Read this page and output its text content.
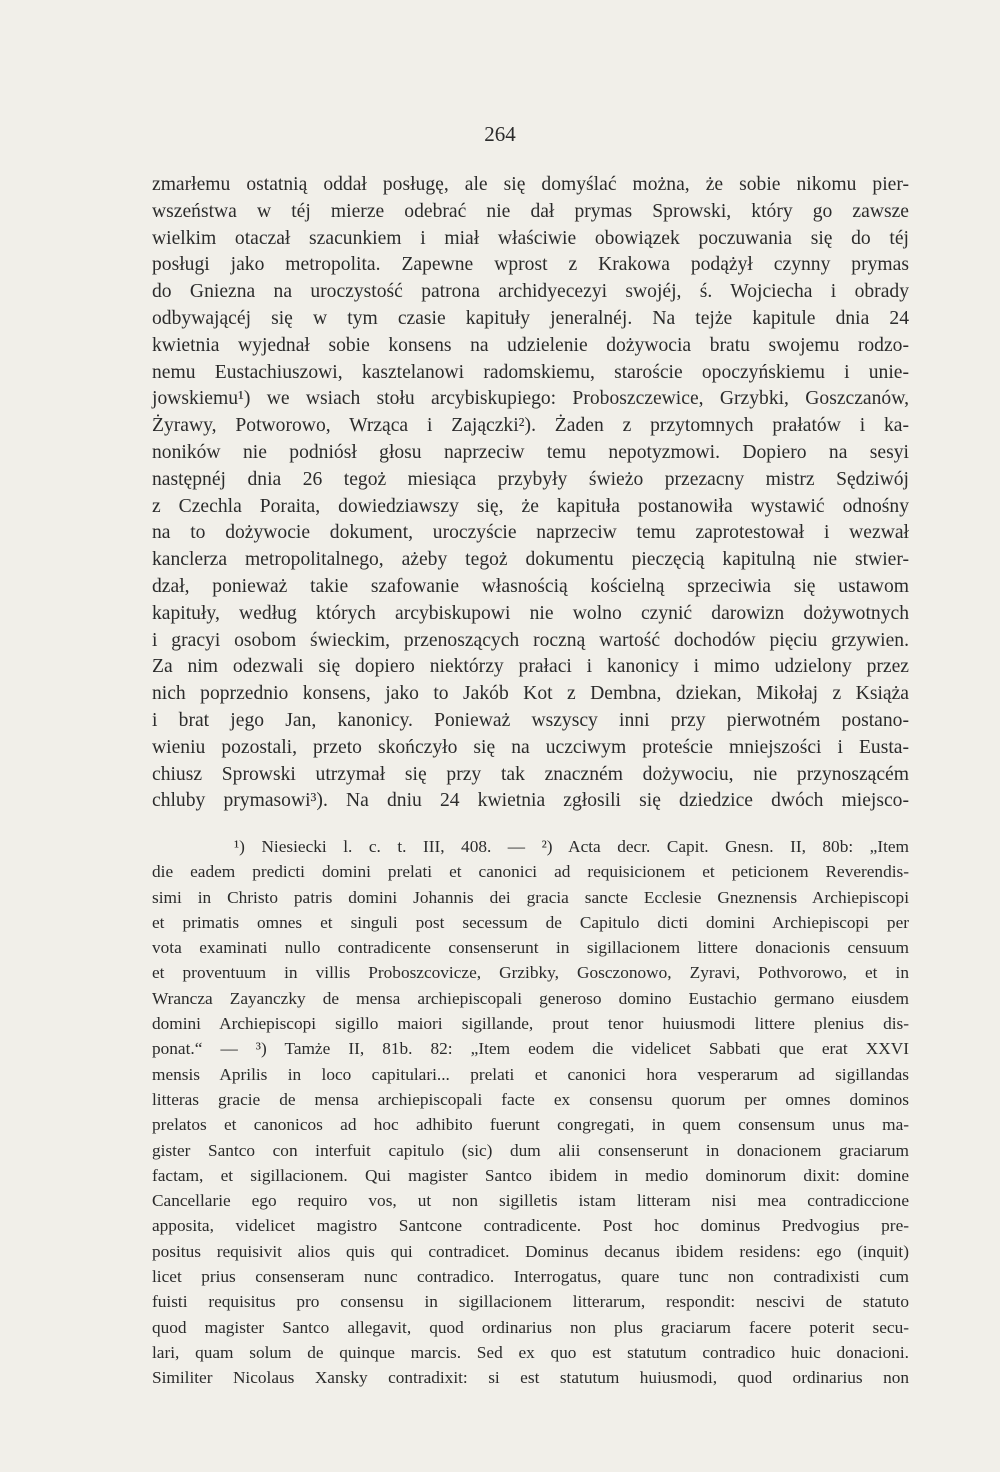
264
zmarłemu ostatnią oddał posługę, ale się domyślać można, że sobie nikomu pier-
wszeństwa w téj mierze odebrać nie dał prymas Sprowski, który go zawsze
wielkim otaczał szacunkiem i miał właściwie obowiązek poczuwania się do téj
posługi jako metropolita. Zapewne wprost z Krakowa podążył czynny prymas
do Gniezna na uroczystość patrona archidyecezyi swojéj, ś. Wojciecha i obrady
odbywającéj się w tym czasie kapituły jeneralnéj. Na tejże kapitule dnia 24
kwietnia wyjednał sobie konsens na udzielenie dożywocia bratu swojemu rodzo-
nemu Eustachiuszowi, kasztelanowi radomskiemu, staroście opoczyńskiemu i unie-
jowskiemu¹) we wsiach stołu arcybiskupiego: Proboszczewice, Grzybki, Goszczanów,
Żyrawy, Potworowo, Wrząca i Zajączki²). Żaden z przytomnych prałatów i ka-
noników nie podniósł głosu naprzeciw temu nepotyzmowi. Dopiero na sesyi
następnéj dnia 26 tegoż miesiąca przybyły świeżo przezacny mistrz Sędziwój
z Czechla Poraita, dowiedziawszy się, że kapituła postanowiła wystawić odnośny
na to dożywocie dokument, uroczyście naprzeciw temu zaprotestował i wezwał
kanclerza metropolitalnego, ażeby tegoż dokumentu pieczęcią kapitulną nie stwier-
dzał, ponieważ takie szafowanie własnością kościelną sprzeciwia się ustawom
kapituły, według których arcybiskupowi nie wolno czynić darowizn dożywotnych
i gracyi osobom świeckim, przenoszących roczną wartość dochodów pięciu grzywien.
Za nim odezwali się dopiero niektórzy prałaci i kanonicy i mimo udzielony przez
nich poprzednio konsens, jako to Jakób Kot z Dembna, dziekan, Mikołaj z Książa
i brat jego Jan, kanonicy. Ponieważ wszyscy inni przy pierwotném postano-
wieniu pozostali, przeto skończyło się na uczciwym proteście mniejszości i Eusta-
chiusz Sprowski utrzymał się przy tak znaczném dożywociu, nie przynoszącém
chluby prymasowi³). Na dniu 24 kwietnia zgłosili się dziedzice dwóch miejsco-
¹) Niesiecki l. c. t. III, 408. — ²) Acta decr. Capit. Gnesn. II, 80b: „Item
die eadem predicti domini prelati et canonici ad requisicionem et peticionem Reverendis-
simi in Christo patris domini Johannis dei gracia sancte Ecclesie Gneznensis Archiepiscopi
et primatis omnes et singuli post secessum de Capitulo dicti domini Archiepiscopi per
vota examinati nullo contradicente consenserunt in sigillacionem littere donacionis censuum
et proventuum in villis Proboszcovicze, Grzibky, Gosczonowo, Zyravi, Pothvorowo, et in
Wrancza Zayanczky de mensa archiepiscopali generoso domino Eustachio germano eiusdem
domini Archiepiscopi sigillo maiori sigillande, prout tenor huiusmodi littere plenius dis-
ponat.“ — ³) Tamże II, 81b. 82: „Item eodem die videlicet Sabbati que erat XXVI
mensis Aprilis in loco capitulari... prelati et canonici hora vesperarum ad sigillandas
litteras gracie de mensa archiepiscopali facte ex consensu quorum per omnes dominos
prelatos et canonicos ad hoc adhibito fuerunt congregati, in quem consensum unus ma-
gister Santco con interfuit capitulo (sic) dum alii consenserunt in donacionem graciarum
factam, et sigillacionem. Qui magister Santco ibidem in medio dominorum dixit: domine
Cancellarie ego requiro vos, ut non sigilletis istam litteram nisi mea contradiccione
apposita, videlicet magistro Santcone contradicente. Post hoc dominus Predvogius pre-
positus requisivit alios quis qui contradicet. Dominus decanus ibidem residens: ego (inquit)
licet prius consenseram nunc contradico. Interrogatus, quare tunc non contradixisti cum
fuisti requisitus pro consensu in sigillacionem litterarum, respondit: nescivi de statuto
quod magister Santco allegavit, quod ordinarius non plus graciarum facere poterit secu-
lari, quam solum de quinque marcis. Sed ex quo est statutum contradico huic donacioni.
Similiter Nicolaus Xansky contradixit: si est statutum huiusmodi, quod ordinarius non
